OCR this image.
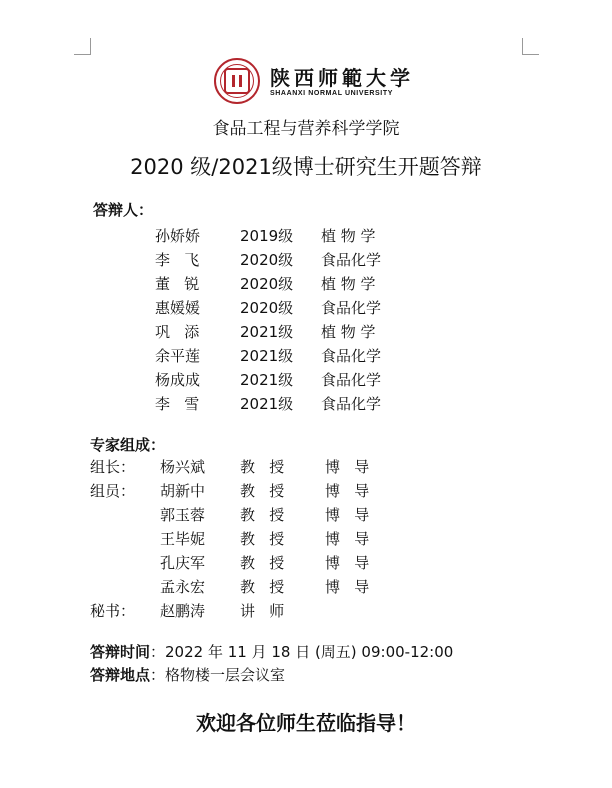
陕西师範大学
SHAANXI NORMAL UNIVERSITY
食品工程与营养科学学院
2020 级/2021级博士研究生开题答辩
答辩人：
孙娇娇	2019级 植 物 学
李   飞	2020级 食品化学
董   锐	2020级 植 物 学
惠媛媛	2020级 食品化学
巩   添	2021级 植 物 学
余平莲	2021级 食品化学
杨成成	2021级 食品化学
李   雪	2021级 食品化学
专家组成：
组长： 杨兴斌 教   授	博   导
组员： 胡新中 教   授	博   导
郭玉蓉 教   授	博   导
王毕妮 教   授	博   导
孔庆军 教   授	博   导
孟永宏 教   授	博   导
秘书： 赵鹏涛 讲   师
答辩时间 ：2022 年 11 月 18 日 (周五) 09:00-12:00
答辩地点 ：格物楼一层会议室
欢迎各位师生莅临指导！
